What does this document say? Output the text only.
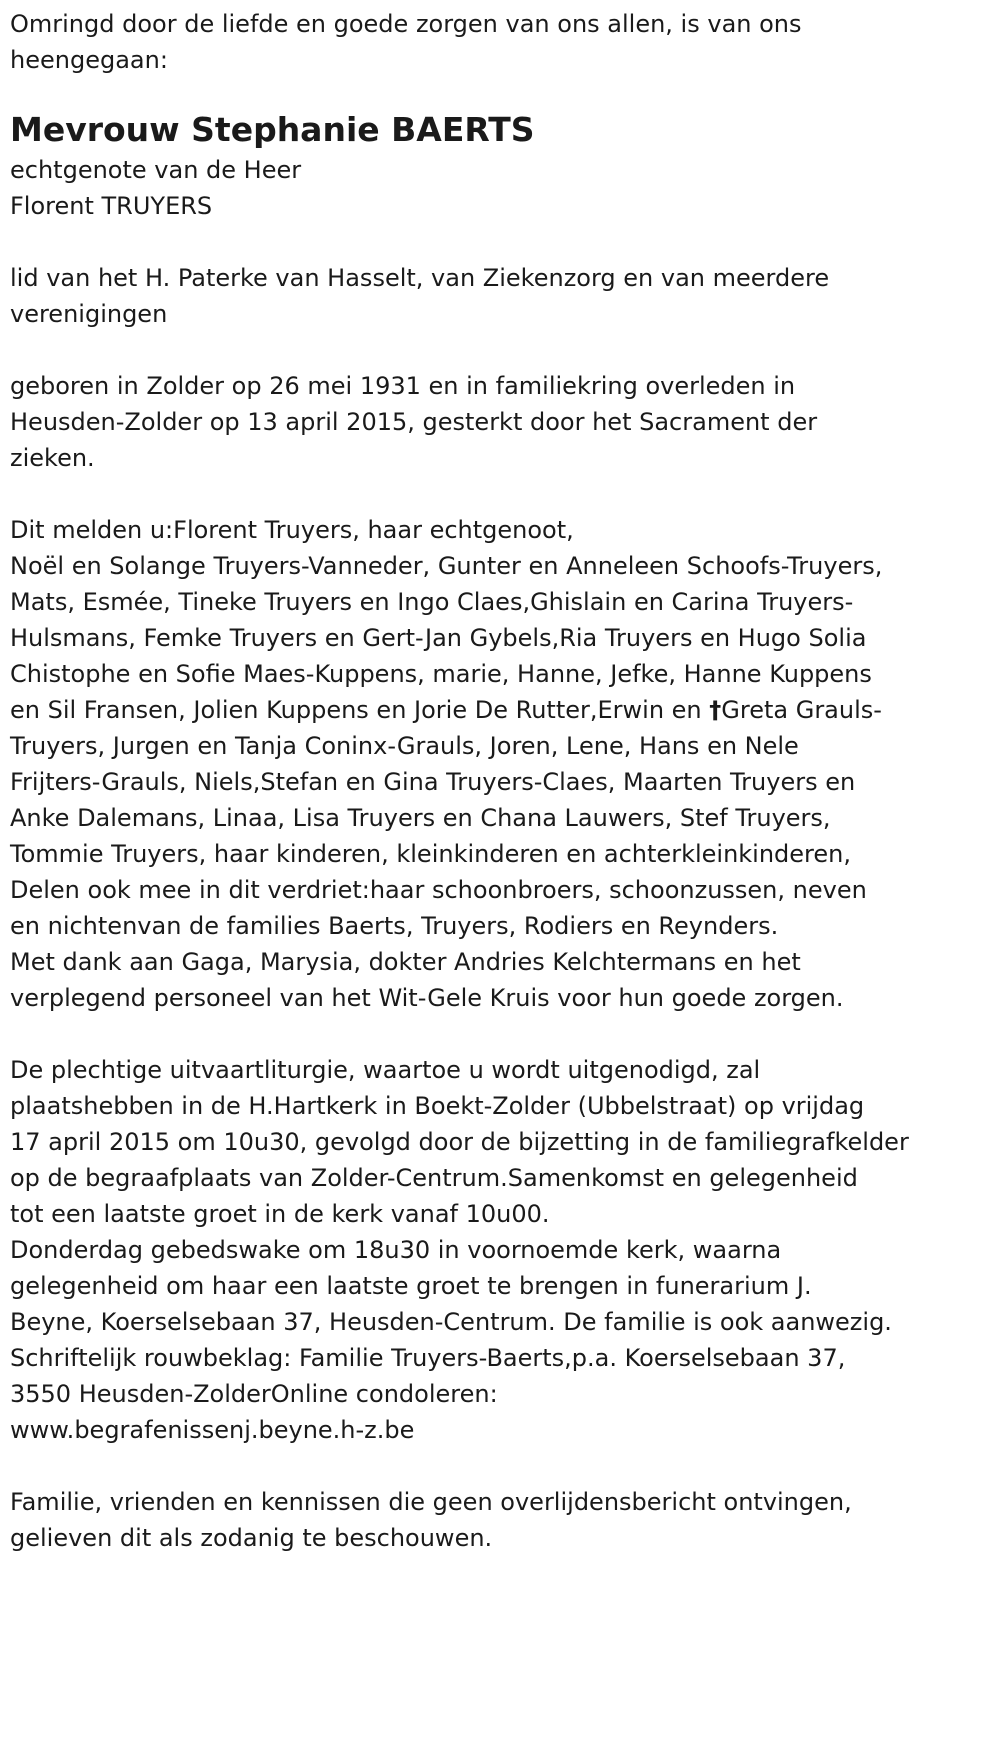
Omringd door de liefde en goede zorgen van ons allen, is van ons
heengegaan:

Mevrouw Stephanie BAERTS

echtgenote van de Heer
Florent TRUYERS

lid van het H. Paterke van Hasselt, van Ziekenzorg en van meerdere
verenigingen

geboren in Zolder op 26 mei 1931 en in familiekring overleden in
Heusden-Zolder op 13 april 2015, gesterkt door het Sacrament der
zieken.

Dit melden u:Florent Truyers, haar echtgenoot,
Noël en Solange Truyers-Vanneder, Gunter en Anneleen Schoofs-Truyers,
Mats, Esmée, Tineke Truyers en Ingo Claes,Ghislain en Carina Truyers-
Hulsmans, Femke Truyers en Gert-Jan Gybels,Ria Truyers en Hugo Solia
Chistophe en Sofie Maes-Kuppens, marie, Hanne, Jefke, Hanne Kuppens
en Sil Fransen, Jolien Kuppens en Jorie De Rutter,Erwin en †Greta Grauls-
Truyers, Jurgen en Tanja Coninx-Grauls, Joren, Lene, Hans en Nele
Frijters-Grauls, Niels,Stefan en Gina Truyers-Claes, Maarten Truyers en
Anke Dalemans, Linaa, Lisa Truyers en Chana Lauwers, Stef Truyers,
Tommie Truyers, haar kinderen, kleinkinderen en achterkleinkinderen,
Delen ook mee in dit verdriet:haar schoonbroers, schoonzussen, neven
en nichtenvan de families Baerts, Truyers, Rodiers en Reynders.
Met dank aan Gaga, Marysia, dokter Andries Kelchtermans en het
verplegend personeel van het Wit-Gele Kruis voor hun goede zorgen.

De plechtige uitvaartliturgie, waartoe u wordt uitgenodigd, zal
plaatshebben in de H.Hartkerk in Boekt-Zolder (Ubbelstraat) op vrijdag
17 april 2015 om 10u30, gevolgd door de bijzetting in de familiegrafkelder
op de begraafplaats van Zolder-Centrum.Samenkomst en gelegenheid
tot een laatste groet in de kerk vanaf 10u00.
Donderdag gebedswake om 18u30 in voornoemde kerk, waarna
gelegenheid om haar een laatste groet te brengen in funerarium J.
Beyne, Koerselsebaan 37, Heusden-Centrum. De familie is ook aanwezig.
Schriftelijk rouwbeklag: Familie Truyers-Baerts,p.a. Koerselsebaan 37,
3550 Heusden-ZolderOnline condoleren:
www.begrafenissenj.beyne.h-z.be

Familie, vrienden en kennissen die geen overlijdensbericht ontvingen,
gelieven dit als zodanig te beschouwen.
